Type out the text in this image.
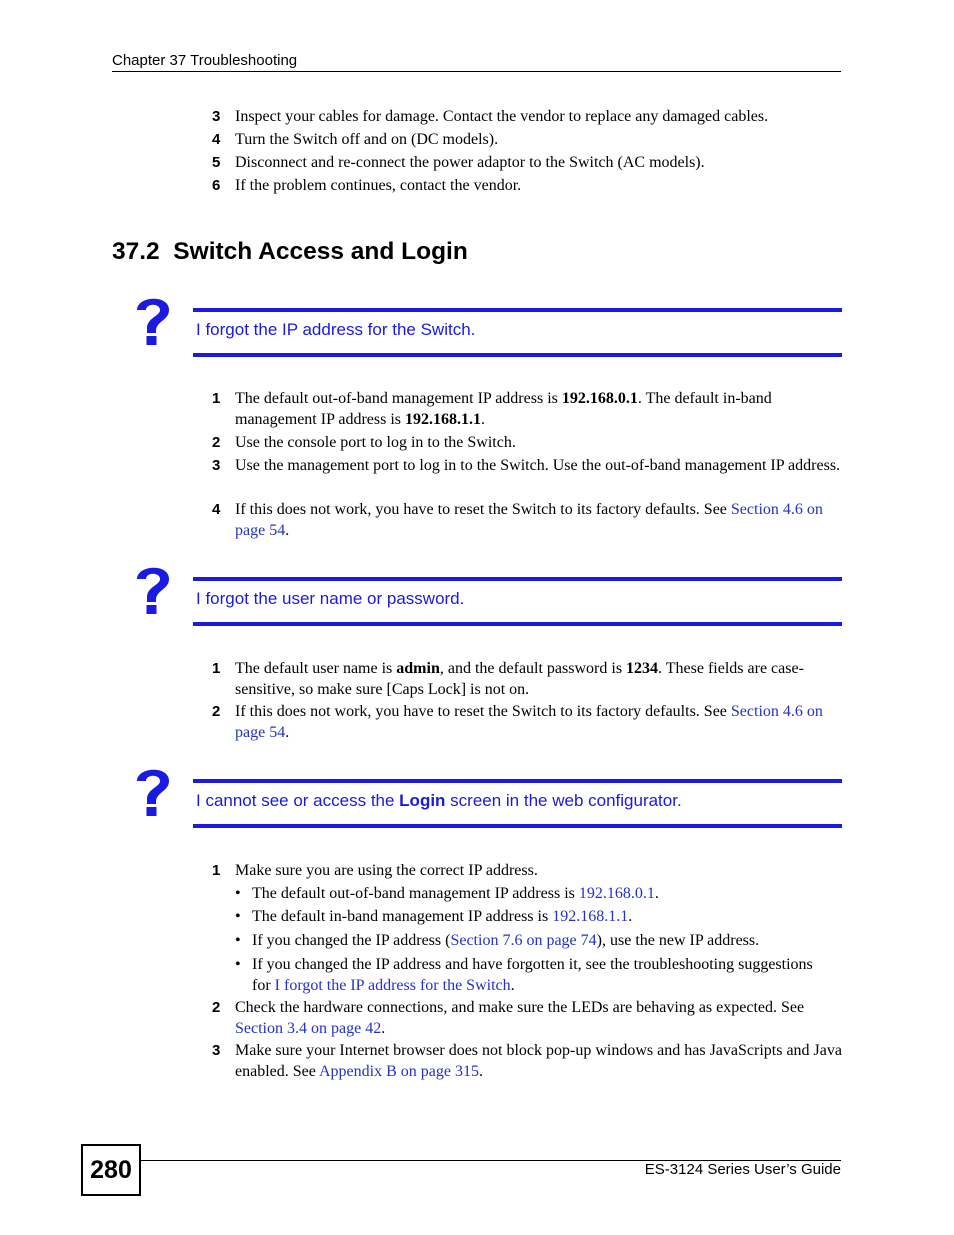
Chapter 37 Troubleshooting
3 Inspect your cables for damage. Contact the vendor to replace any damaged cables.
4 Turn the Switch off and on (DC models).
5 Disconnect and re-connect the power adaptor to the Switch (AC models).
6 If the problem continues, contact the vendor.
37.2  Switch Access and Login
I forgot the IP address for the Switch.
1 The default out-of-band management IP address is 192.168.0.1. The default in-band management IP address is 192.168.1.1.
2 Use the console port to log in to the Switch.
3 Use the management port to log in to the Switch. Use the out-of-band management IP address.
4 If this does not work, you have to reset the Switch to its factory defaults. See Section 4.6 on page 54.
I forgot the user name or password.
1 The default user name is admin, and the default password is 1234. These fields are case-sensitive, so make sure [Caps Lock] is not on.
2 If this does not work, you have to reset the Switch to its factory defaults. See Section 4.6 on page 54.
I cannot see or access the Login screen in the web configurator.
1 Make sure you are using the correct IP address.
• The default out-of-band management IP address is 192.168.0.1.
• The default in-band management IP address is 192.168.1.1.
• If you changed the IP address (Section 7.6 on page 74), use the new IP address.
• If you changed the IP address and have forgotten it, see the troubleshooting suggestions for I forgot the IP address for the Switch.
2 Check the hardware connections, and make sure the LEDs are behaving as expected. See Section 3.4 on page 42.
3 Make sure your Internet browser does not block pop-up windows and has JavaScripts and Java enabled. See Appendix B on page 315.
280	ES-3124 Series User’s Guide
